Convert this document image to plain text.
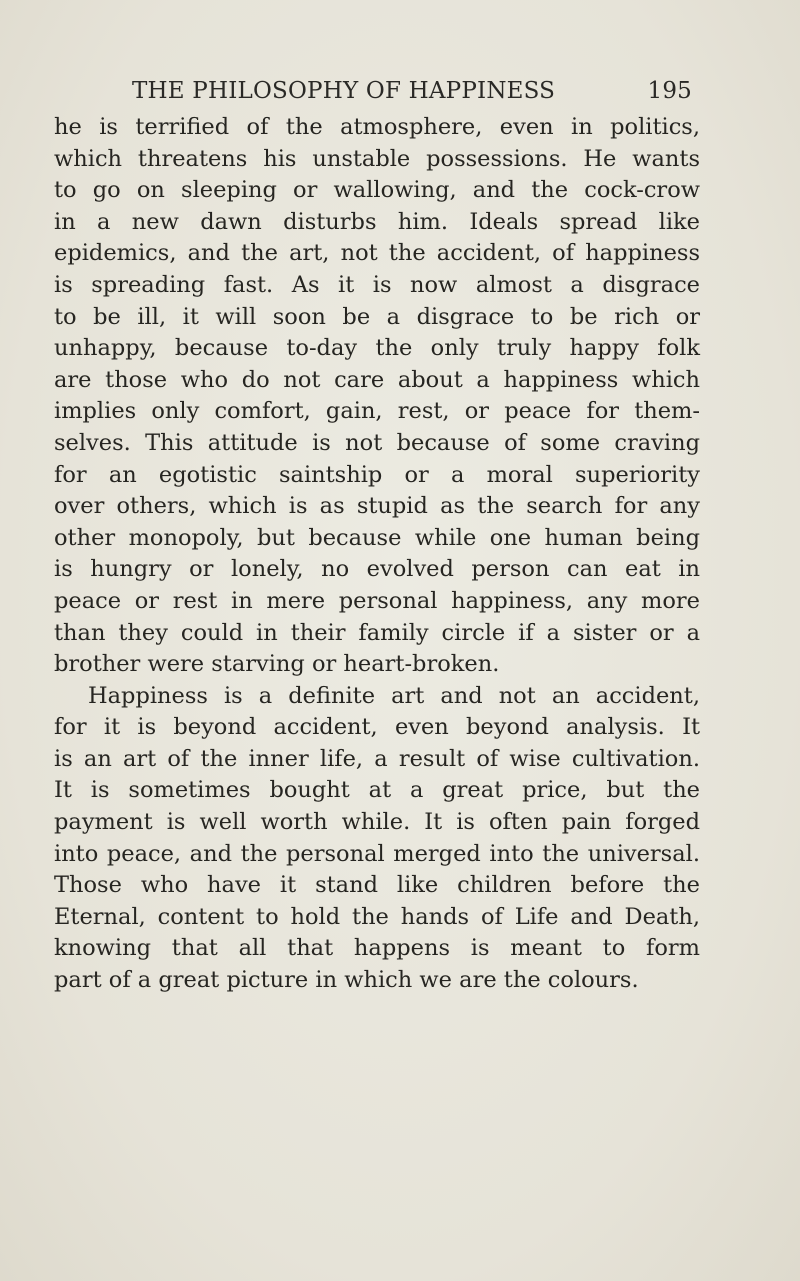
THE PHILOSOPHY OF HAPPINESS	195
he is terrified of the atmosphere, even in politics,
which threatens his unstable possessions. He wants
to go on sleeping or wallowing, and the cock-crow
in a new dawn disturbs him. Ideals spread like
epidemics, and the art, not the accident, of happiness
is spreading fast. As it is now almost a disgrace
to be ill, it will soon be a disgrace to be rich or
unhappy, because to-day the only truly happy folk
are those who do not care about a happiness which
implies only comfort, gain, rest, or peace for them-
selves. This attitude is not because of some craving
for an egotistic saintship or a moral superiority
over others, which is as stupid as the search for any
other monopoly, but because while one human being
is hungry or lonely, no evolved person can eat in
peace or rest in mere personal happiness, any more
than they could in their family circle if a sister or a
brother were starving or heart-broken.
Happiness is a definite art and not an accident,
for it is beyond accident, even beyond analysis. It
is an art of the inner life, a result of wise cultivation.
It is sometimes bought at a great price, but the
payment is well worth while. It is often pain forged
into peace, and the personal merged into the universal.
Those who have it stand like children before the
Eternal, content to hold the hands of Life and Death,
knowing that all that happens is meant to form
part of a great picture in which we are the colours.
